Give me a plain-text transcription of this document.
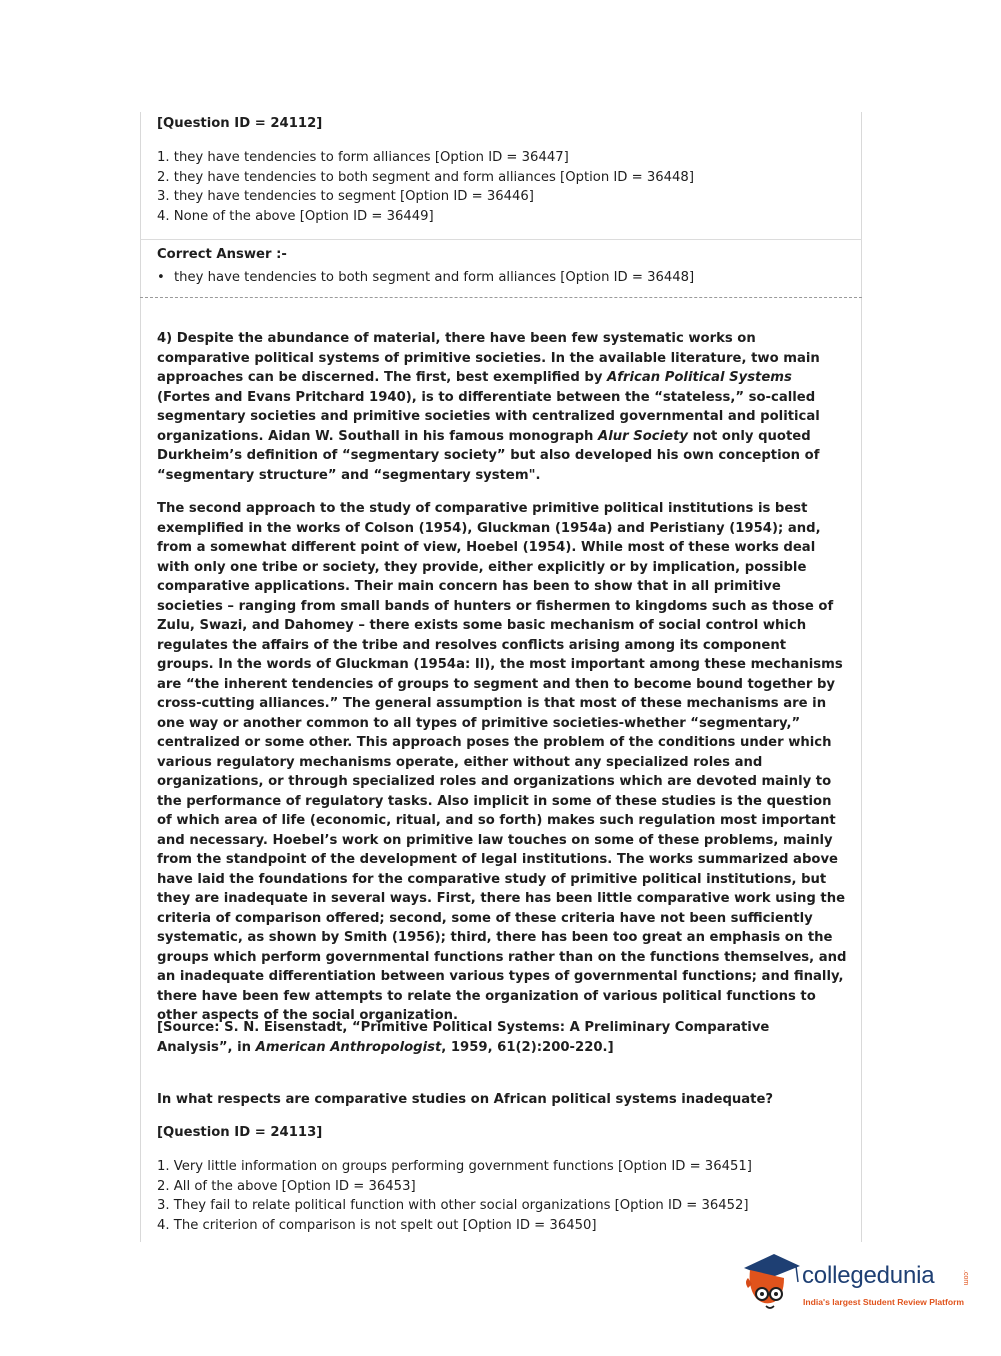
[Question ID = 24112]
1. they have tendencies to form alliances [Option ID = 36447]
2. they have tendencies to both segment and form alliances [Option ID = 36448]
3. they have tendencies to segment [Option ID = 36446]
4. None of the above [Option ID = 36449]
Correct Answer :-
• they have tendencies to both segment and form alliances [Option ID = 36448]
4) Despite the abundance of material, there have been few systematic works on comparative political systems of primitive societies. In the available literature, two main approaches can be discerned. The first, best exemplified by African Political Systems (Fortes and Evans Pritchard 1940), is to differentiate between the “stateless,” so-called segmentary societies and primitive societies with centralized governmental and political organizations. Aidan W. Southall in his famous monograph Alur Society not only quoted Durkheim’s definition of “segmentary society” but also developed his own conception of “segmentary structure” and “segmentary system".

The second approach to the study of comparative primitive political institutions is best exemplified in the works of Colson (1954), Gluckman (1954a) and Peristiany (1954); and, from a somewhat different point of view, Hoebel (1954). While most of these works deal with only one tribe or society, they provide, either explicitly or by implication, possible comparative applications. Their main concern has been to show that in all primitive societies – ranging from small bands of hunters or fishermen to kingdoms such as those of Zulu, Swazi, and Dahomey – there exists some basic mechanism of social control which regulates the affairs of the tribe and resolves conflicts arising among its component groups. In the words of Gluckman (1954a: Il), the most important among these mechanisms are “the inherent tendencies of groups to segment and then to become bound together by cross-cutting alliances.” The general assumption is that most of these mechanisms are in one way or another common to all types of primitive societies-whether “segmentary,” centralized or some other. This approach poses the problem of the conditions under which various regulatory mechanisms operate, either without any specialized roles and organizations, or through specialized roles and organizations which are devoted mainly to the performance of regulatory tasks. Also implicit in some of these studies is the question of which area of life (economic, ritual, and so forth) makes such regulation most important and necessary. Hoebel’s work on primitive law touches on some of these problems, mainly from the standpoint of the development of legal institutions. The works summarized above have laid the foundations for the comparative study of primitive political institutions, but they are inadequate in several ways. First, there has been little comparative work using the criteria of comparison offered; second, some of these criteria have not been sufficiently systematic, as shown by Smith (1956); third, there has been too great an emphasis on the groups which perform governmental functions rather than on the functions themselves, and an inadequate differentiation between various types of governmental functions; and finally, there have been few attempts to relate the organization of various political functions to other aspects of the social organization.

[Source: S. N. Eisenstadt, “Primitive Political Systems: A Preliminary Comparative Analysis”, in American Anthropologist, 1959, 61(2):200-220.]
In what respects are comparative studies on African political systems inadequate?
[Question ID = 24113]
1. Very little information on groups performing government functions [Option ID = 36451]
2. All of the above [Option ID = 36453]
3. They fail to relate political function with other social organizations [Option ID = 36452]
4. The criterion of comparison is not spelt out [Option ID = 36450]
collegedunia	.com
India's largest Student Review Platform
